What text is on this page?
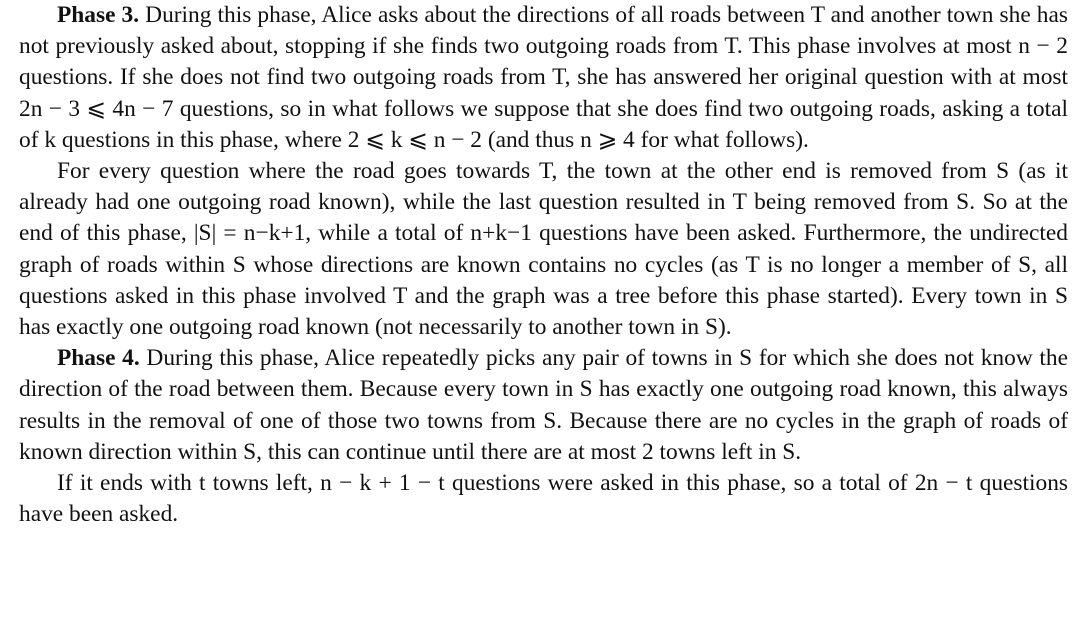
Phase 3. During this phase, Alice asks about the directions of all roads between T and another town she has not previously asked about, stopping if she finds two outgoing roads from T. This phase involves at most n − 2 questions. If she does not find two outgoing roads from T, she has answered her original question with at most 2n − 3 ⩽ 4n − 7 questions, so in what follows we suppose that she does find two outgoing roads, asking a total of k questions in this phase, where 2 ⩽ k ⩽ n − 2 (and thus n ⩾ 4 for what follows).

For every question where the road goes towards T, the town at the other end is removed from S (as it already had one outgoing road known), while the last question resulted in T being removed from S. So at the end of this phase, |S| = n−k+1, while a total of n+k−1 questions have been asked. Furthermore, the undirected graph of roads within S whose directions are known contains no cycles (as T is no longer a member of S, all questions asked in this phase involved T and the graph was a tree before this phase started). Every town in S has exactly one outgoing road known (not necessarily to another town in S).

Phase 4. During this phase, Alice repeatedly picks any pair of towns in S for which she does not know the direction of the road between them. Because every town in S has exactly one outgoing road known, this always results in the removal of one of those two towns from S. Because there are no cycles in the graph of roads of known direction within S, this can continue until there are at most 2 towns left in S.

If it ends with t towns left, n − k + 1 − t questions were asked in this phase, so a total of 2n − t questions have been asked.
